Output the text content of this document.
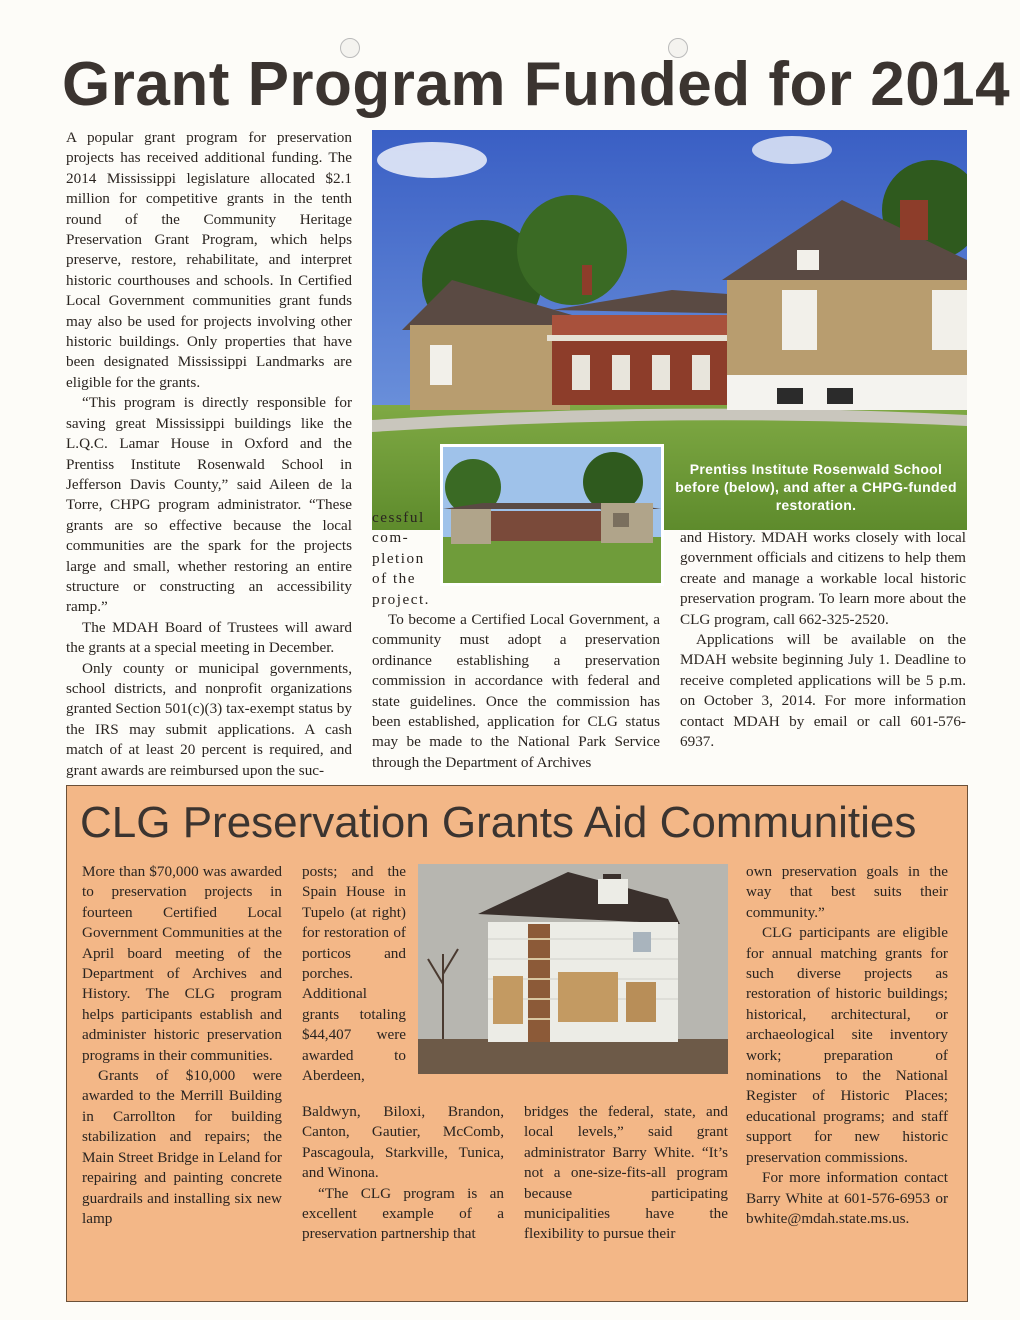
Grant Program Funded for 2014

A popular grant program for preservation projects has received additional funding. The 2014 Mississippi legislature allocated $2.1 million for competitive grants in the tenth round of the Community Heritage Preservation Grant Program, which helps preserve, restore, rehabilitate, and interpret historic courthouses and schools. In Certified Local Government communities grant funds may also be used for projects involving other historic buildings. Only properties that have been designated Mississippi Landmarks are eligible for the grants.

“This program is directly responsible for saving great Mississippi buildings like the L.Q.C. Lamar House in Oxford and the Prentiss Institute Rosenwald School in Jefferson Davis County,” said Aileen de la Torre, CHPG program administrator. “These grants are so effective because the local communities are the spark for the projects large and small, whether restoring an entire structure or constructing an accessibility ramp.”

The MDAH Board of Trustees will award the grants at a special meeting in December.

Only county or municipal governments, school districts, and nonprofit organizations granted Section 501(c)(3) tax-exempt status by the IRS may submit applications. A cash match of at least 20 percent is required, and grant awards are reimbursed upon the suc-

Prentiss Institute Rosenwald School before (below), and after a CHPG-funded restoration.

cessful com-pletion of the project.

To become a Certified Local Government, a community must adopt a preservation ordinance establishing a preservation commission in accordance with federal and state guidelines. Once the commission has been established, application for CLG status may be made to the National Park Service through the Department of Archives

and History. MDAH works closely with local government officials and citizens to help them create and manage a workable local historic preservation program. To learn more about the CLG program, call 662-325-2520.

Applications will be available on the MDAH website beginning July 1. Deadline to receive completed applications will be 5 p.m. on October 3, 2014. For more information contact MDAH by email or call 601-576-6937.

CLG Preservation Grants Aid Communities

More than $70,000 was awarded to preservation projects in fourteen Certified Local Government Communities at the April board meeting of the Department of Archives and History. The CLG program helps participants establish and administer historic preservation programs in their communities.

Grants of $10,000 were awarded to the Merrill Building in Carrollton for building stabilization and repairs; the Main Street Bridge in Leland for repairing and painting concrete guardrails and installing six new lamp

posts; and the Spain House in Tupelo (at right) for restoration of porticos and porches. Additional grants totaling $44,407 were awarded to Aberdeen,

Baldwyn, Biloxi, Brandon, Canton, Gautier, McComb, Pascagoula, Starkville, Tunica, and Winona.

“The CLG program is an excellent example of a preservation partnership that

bridges the federal, state, and local levels,” said grant administrator Barry White. “It’s not a one-size-fits-all program because participating municipalities have the flexibility to pursue their

own preservation goals in the way that best suits their community.”

CLG participants are eligible for annual matching grants for such diverse projects as restoration of historic buildings; historical, architectural, or archaeological site inventory work; preparation of nominations to the National Register of Historic Places; educational programs; and staff support for new historic preservation commissions.

For more information contact Barry White at 601-576-6953 or bwhite@mdah.state.ms.us.
